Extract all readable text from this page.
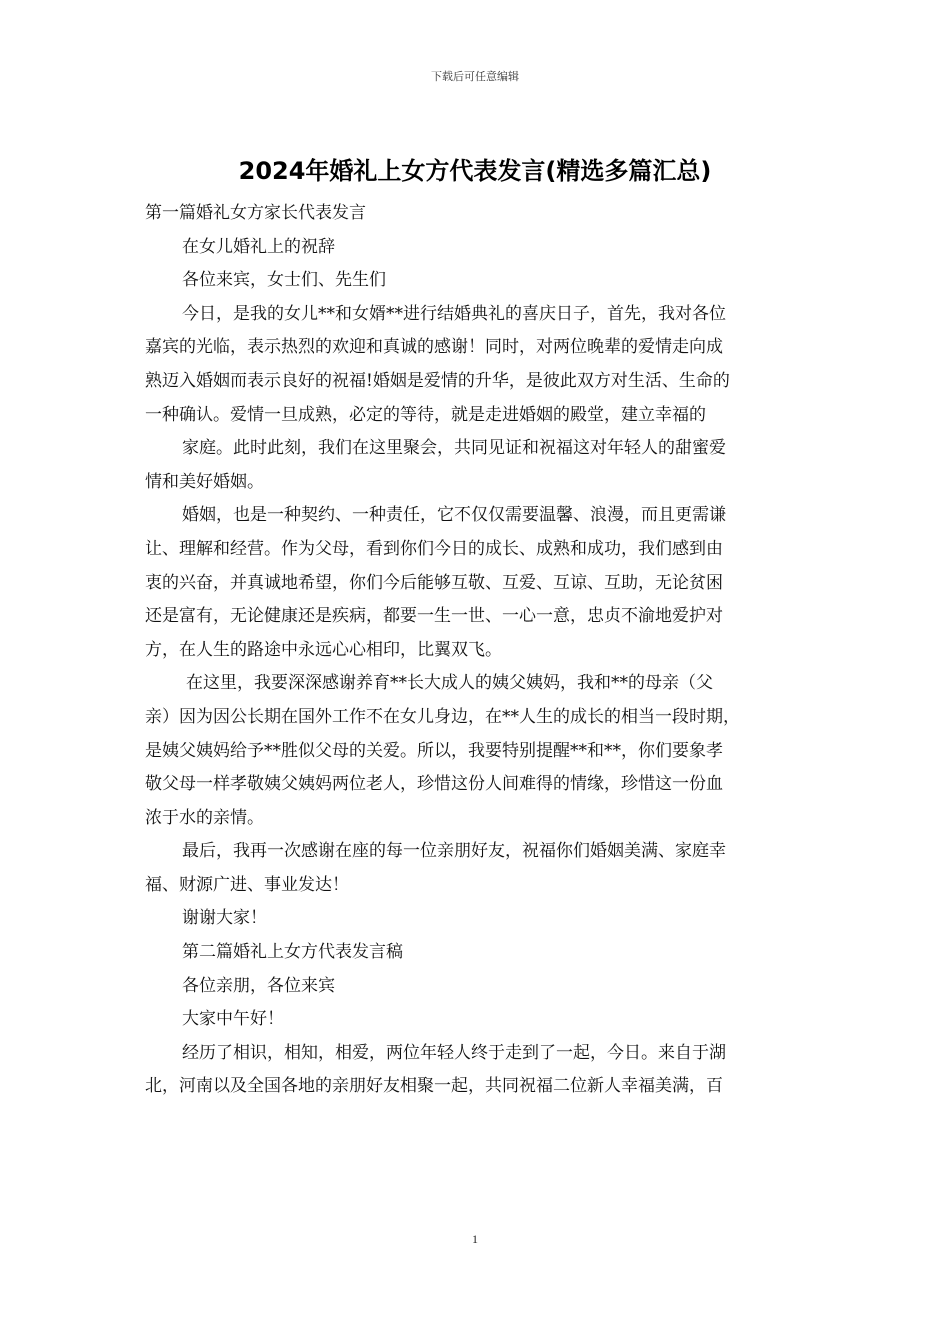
下载后可任意编辑
2024年婚礼上女方代表发言(精选多篇汇总)
第一篇婚礼女方家长代表发言
在女儿婚礼上的祝辞
各位来宾，女士们、先生们
今日，是我的女儿**和女婿**进行结婚典礼的喜庆日子，首先，我对各位
嘉宾的光临，表示热烈的欢迎和真诚的感谢！同时，对两位晚辈的爱情走向成
熟迈入婚姻而表示良好的祝福!婚姻是爱情的升华，是彼此双方对生活、生命的
一种确认。爱情一旦成熟，必定的等待，就是走进婚姻的殿堂，建立幸福的
家庭。此时此刻，我们在这里聚会，共同见证和祝福这对年轻人的甜蜜爱
情和美好婚姻。
婚姻，也是一种契约、一种责任，它不仅仅需要温馨、浪漫，而且更需谦
让、理解和经营。作为父母，看到你们今日的成长、成熟和成功，我们感到由
衷的兴奋，并真诚地希望，你们今后能够互敬、互爱、互谅、互助，无论贫困
还是富有，无论健康还是疾病，都要一生一世、一心一意，忠贞不渝地爱护对
方，在人生的路途中永远心心相印，比翼双飞。
在这里，我要深深感谢养育**长大成人的姨父姨妈，我和**的母亲（父
亲）因为因公长期在国外工作不在女儿身边，在**人生的成长的相当一段时期，
是姨父姨妈给予**胜似父母的关爱。所以，我要特别提醒**和**，你们要象孝
敬父母一样孝敬姨父姨妈两位老人，珍惜这份人间难得的情缘，珍惜这一份血
浓于水的亲情。
最后，我再一次感谢在座的每一位亲朋好友，祝福你们婚姻美满、家庭幸
福、财源广进、事业发达！
谢谢大家！
第二篇婚礼上女方代表发言稿
各位亲朋，各位来宾
大家中午好！
经历了相识，相知，相爱，两位年轻人终于走到了一起，今日。来自于湖
北，河南以及全国各地的亲朋好友相聚一起，共同祝福二位新人幸福美满，百
1
